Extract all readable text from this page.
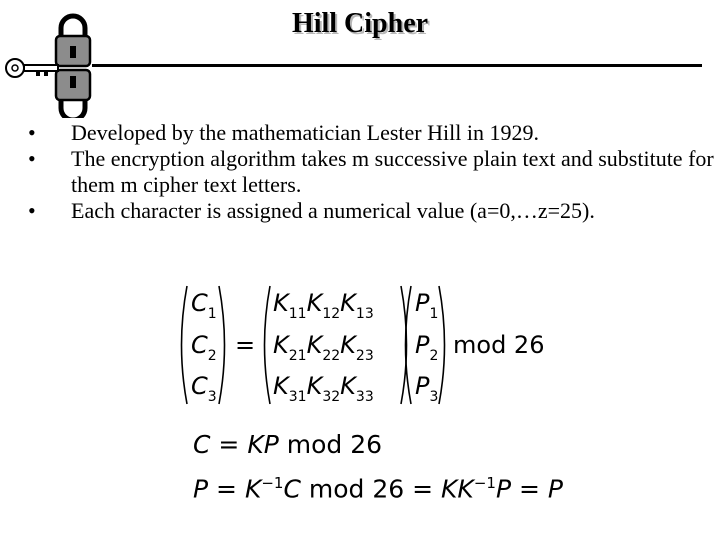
Hill Cipher
• Developed by the mathematician Lester Hill in 1929.
• The encryption algorithm takes m successive plain text and substitute for them m cipher text letters.
• Each character is assigned a numerical value (a=0,…z=25).
$C_1$
$C_2$
$C_3$
=
$K_{11}K_{12}K_{13}$
$K_{21}K_{22}K_{23}$
$K_{31}K_{32}K_{33}$
$P_1$
$P_2$
$P_3$
mod 26
C = KP mod 26
$P = K^{-1}C$ mod $26 = KK^{-1}P = P$
